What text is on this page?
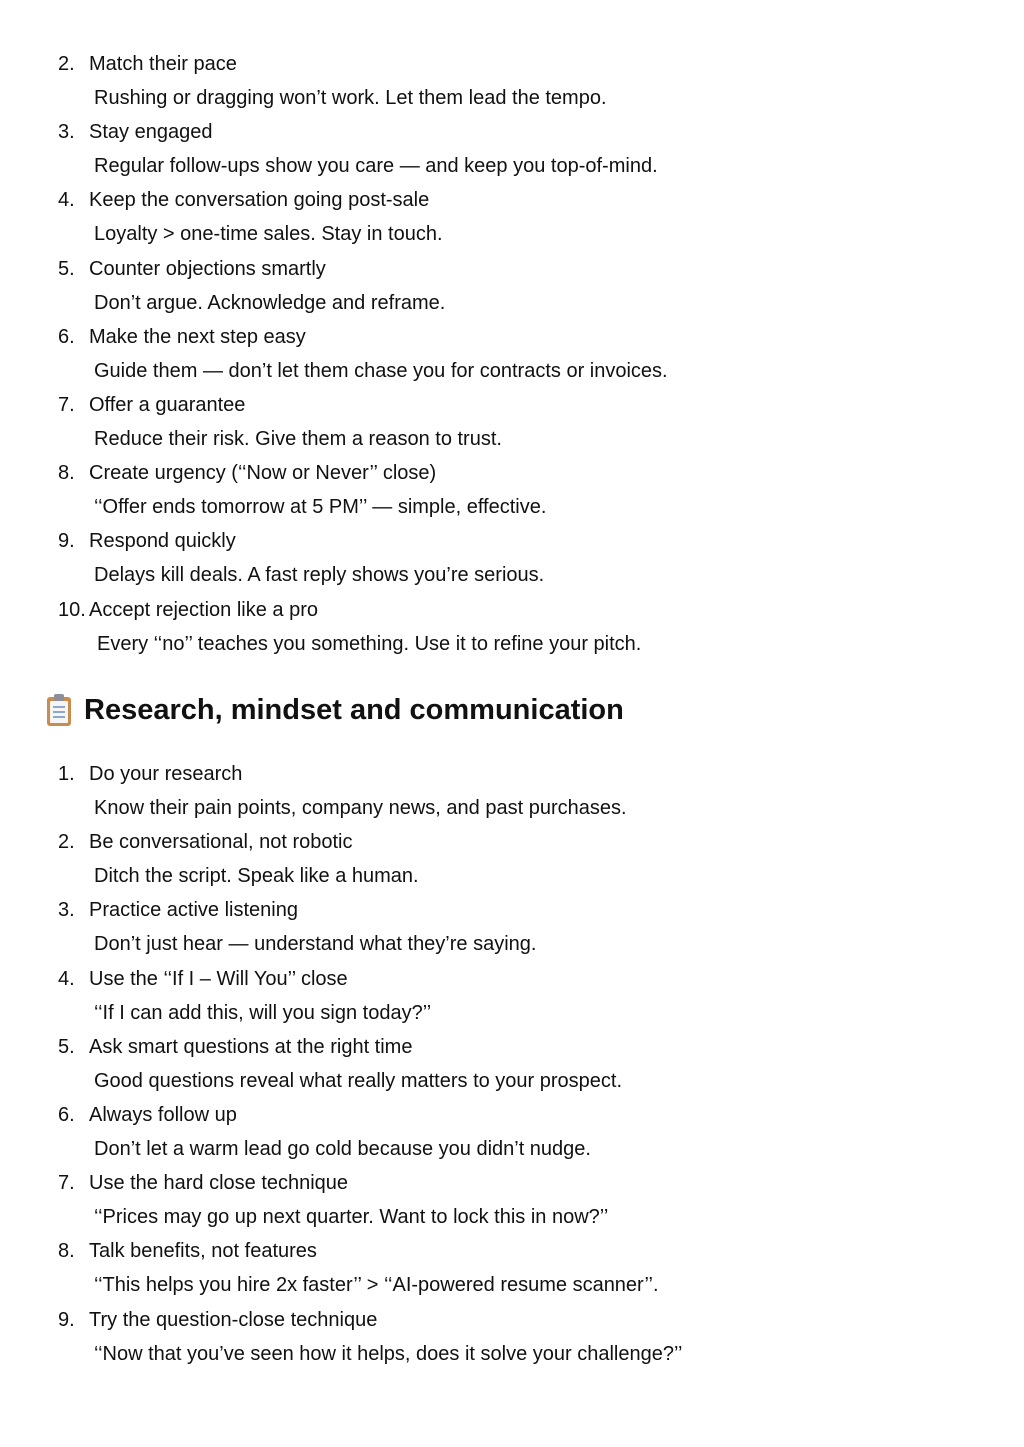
2. Match their pace
Rushing or dragging won’t work. Let them lead the tempo.
3. Stay engaged
Regular follow-ups show you care — and keep you top-of-mind.
4. Keep the conversation going post-sale
Loyalty > one-time sales. Stay in touch.
5. Counter objections smartly
Don’t argue. Acknowledge and reframe.
6. Make the next step easy
Guide them — don’t let them chase you for contracts or invoices.
7. Offer a guarantee
Reduce their risk. Give them a reason to trust.
8. Create urgency (‘‘Now or Never’’ close)
‘‘Offer ends tomorrow at 5 PM’’ — simple, effective.
9. Respond quickly
Delays kill deals. A fast reply shows you’re serious.
10. Accept rejection like a pro
Every ‘‘no’’ teaches you something. Use it to refine your pitch.
Research, mindset and communication
1. Do your research
Know their pain points, company news, and past purchases.
2. Be conversational, not robotic
Ditch the script. Speak like a human.
3. Practice active listening
Don’t just hear — understand what they’re saying.
4. Use the ‘‘If I – Will You’’ close
‘‘If I can add this, will you sign today?’’
5. Ask smart questions at the right time
Good questions reveal what really matters to your prospect.
6. Always follow up
Don’t let a warm lead go cold because you didn’t nudge.
7. Use the hard close technique
‘‘Prices may go up next quarter. Want to lock this in now?’’
8. Talk benefits, not features
‘‘This helps you hire 2x faster’’ > ‘‘AI-powered resume scanner’’.
9. Try the question-close technique
‘‘Now that you’ve seen how it helps, does it solve your challenge?’’
